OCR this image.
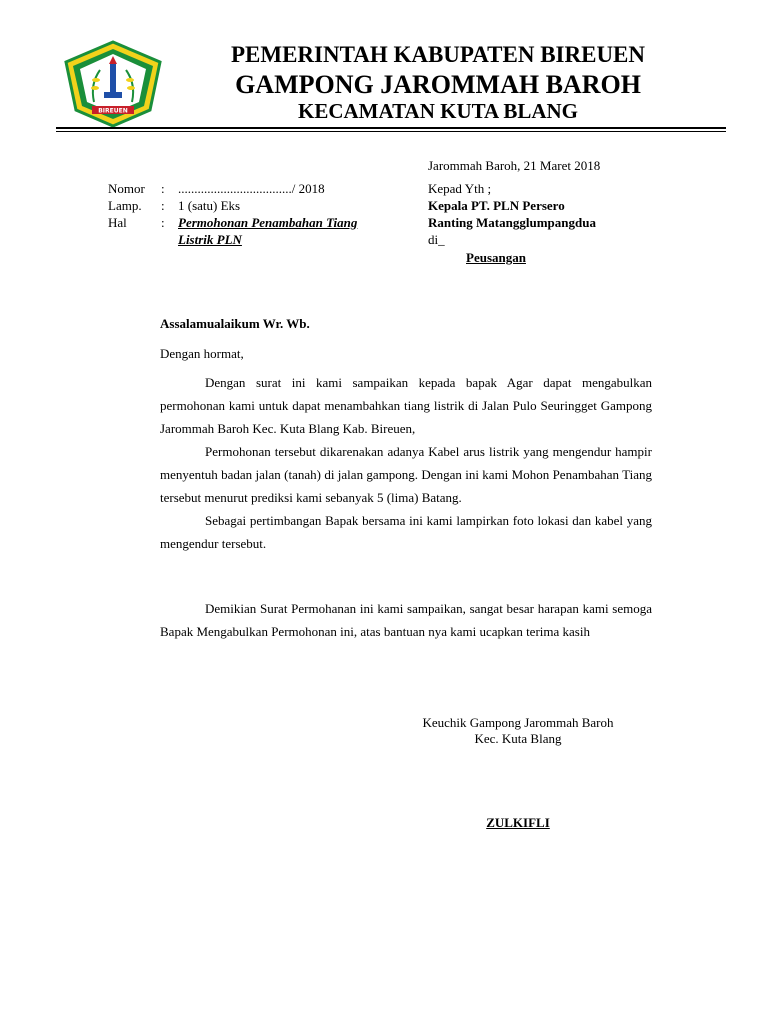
BIREUEN
PEMERINTAH KABUPATEN BIREUEN
GAMPONG JAROMMAH BAROH
KECAMATAN KUTA BLANG
Jarommah Baroh, 21 Maret 2018
Nomor : .................................../ 2018
Lamp. : 1 (satu) Eks
Hal	: Permohonan Penambahan Tiang
Listrik PLN
Kepad Yth ;
Kepala PT. PLN Persero
Ranting Matangglumpangdua
di_
Peusangan
Assalamualaikum Wr. Wb.
Dengan hormat,

Dengan surat ini kami sampaikan kepada bapak Agar dapat mengabulkan permohonan kami untuk dapat menambahkan tiang listrik di Jalan Pulo Seuringget Gampong Jarommah Baroh Kec. Kuta Blang Kab. Bireuen,

Permohonan tersebut dikarenakan adanya Kabel arus listrik yang mengendur hampir menyentuh badan jalan (tanah) di jalan gampong. Dengan ini kami Mohon Penambahan Tiang tersebut menurut prediksi kami sebanyak 5 (lima) Batang.

Sebagai pertimbangan Bapak bersama ini kami lampirkan foto lokasi dan kabel yang mengendur tersebut.

Demikian Surat Permohanan ini kami sampaikan, sangat besar harapan kami semoga Bapak Mengabulkan Permohonan ini, atas bantuan nya kami ucapkan terima kasih

Keuchik Gampong Jarommah Baroh
Kec. Kuta Blang
ZULKIFLI
